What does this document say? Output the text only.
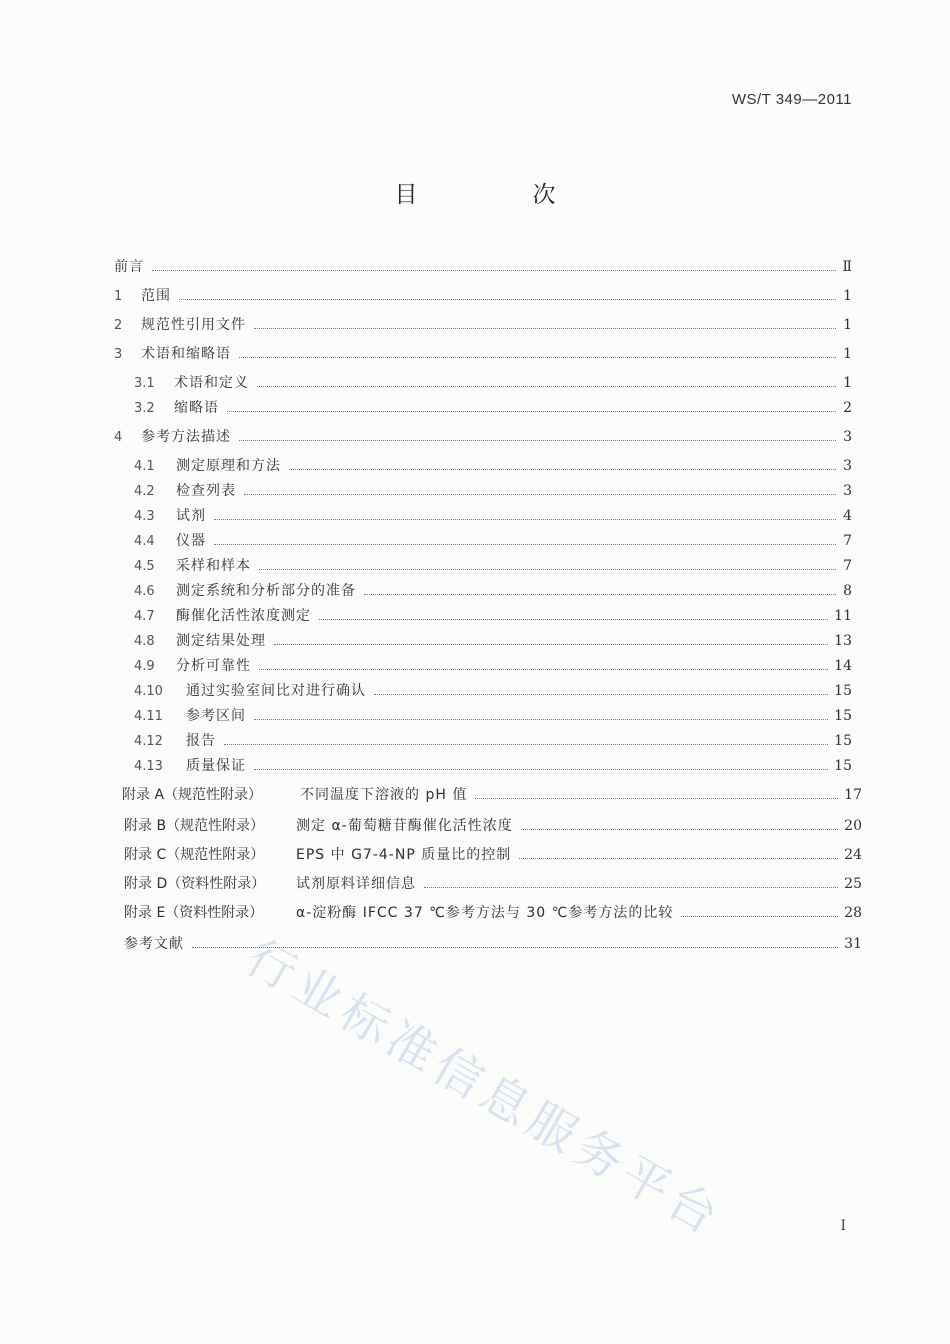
WS/T 349—2011
目　次
前言	Ⅱ
1	范围	1
2	规范性引用文件	1
3	术语和缩略语	1
3.1	术语和定义	1
3.2	缩略语	2
4	参考方法描述	3
4.1	测定原理和方法	3
4.2	检查列表	3
4.3	试剂	4
4.4	仪器	7
4.5	采样和样本	7
4.6	测定系统和分析部分的准备	8
4.7	酶催化活性浓度测定	11
4.8	测定结果处理	13
4.9	分析可靠性	14
4.10	通过实验室间比对进行确认	15
4.11	参考区间	15
4.12	报告	15
4.13	质量保证	15
附录 A（规范性附录）	不同温度下溶液的 pH 值	17
附录 B（规范性附录）	测定 α-葡萄糖苷酶催化活性浓度	20
附录 C（规范性附录）	EPS 中 G7-4-NP 质量比的控制	24
附录 D（资料性附录）	试剂原料详细信息	25
附录 E（资料性附录）	α-淀粉酶 IFCC 37 ℃参考方法与 30 ℃参考方法的比较	28
参考文献	31
行业标准信息服务平台	I
